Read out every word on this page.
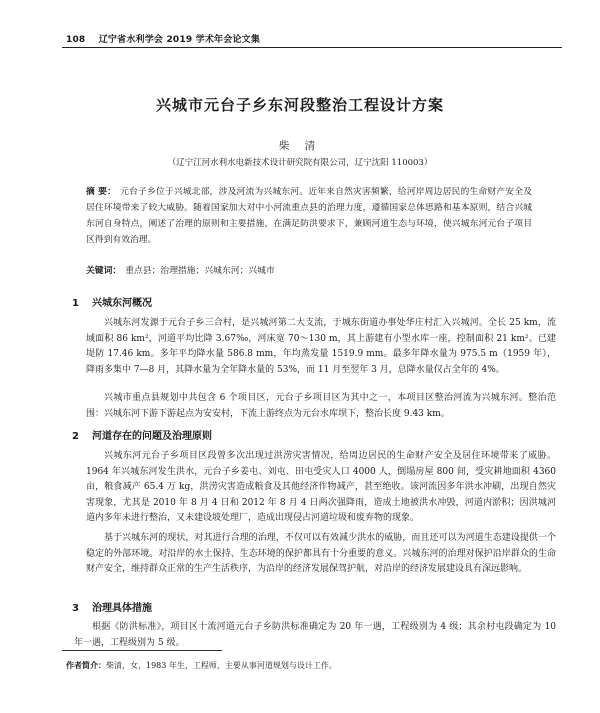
108 辽宁省水利学会 2019 学术年会论文集
兴城市元台子乡东河段整治工程设计方案
柴 清
（辽宁江河水利水电新技术设计研究院有限公司，辽宁沈阳 110003）
摘 要： 元台子乡位于兴城北部，涉及河流为兴城东河。近年来自然灾害频繁，给河岸周边居民的生命财产安全及居住环境带来了较大威胁。随着国家加大对中小河流重点县的治理力度，遵循国家总体思路和基本原则，结合兴城东河自身特点，阐述了治理的原则和主要措施，在满足防洪要求下，兼顾河道生态与环境，使兴城东河元台子项目区得到有效治理。
关键词： 重点县；治理措施；兴城东河；兴城市
1 兴城东河概况
兴城东河发源于元台子乡三合村，是兴城河第二大支流，于城东街道办事处华庄村汇入兴城河。全长 25 km，流域面积 86 km²，河道平均比降 3.67‰，河床宽 70～130 m，其上游建有小型水库一座，控制面积 21 km²。已建堤防 17.46 km。多年平均降水量 586.8 mm，年均蒸发量 1519.9 mm。最多年降水量为 975.5 m（1959 年），降雨多集中 7—8 月，其降水量为全年降水量的 53%，而 11 月至翌年 3 月，总降水量仅占全年的 4%。
兴城市重点县规划中共包含 6 个项目区，元台子乡项目区为其中之一，本项目区整治河流为兴城东河。整治范围：兴城东河下游下游起点为安安村，下流上游终点为元台水库坝下，整治长度 9.43 km。
2 河道存在的问题及治理原则
兴城东河元台子乡项目区段曾多次出现过洪涝灾害情况，给周边居民的生命财产安全及居住环境带来了威胁。1964 年兴城东河发生洪水，元台子乡姜屯、刘屯、田屯受灾人口 4000 人，倒塌房屋 800 间，受灾耕地面积 4360 亩，粮食减产 65.4 万 kg，洪涝灾害造成粮食及其他经济作物减产，甚至绝收。该河流因多年洪水冲刷，出现自然灾害现象，尤其是 2010 年 8 月 4 日和 2012 年 8 月 4 日两次强降雨，造成土地被洪水冲毁，河道内淤积；因洪城河道内多年未进行整治，又未建设坡处理厂，造成出现侵占河道垃圾和废弃物的现象。
基于兴城东河的现状，对其进行合理的治理，不仅可以有效减少洪水的威胁，而且还可以为河道生态建设提供一个稳定的外部环境。对沿岸的水土保持、生态环境的保护都具有十分重要的意义。兴城东河的治理对保护沿岸群众的生命财产安全，维持群众正常的生产生活秩序，为沿岸的经济发展保驾护航，对沿岸的经济发展建设具有深远影响。
3 治理具体措施
根据《防洪标准》，项目区十流河道元台子乡防洪标准确定为 20 年一遇，工程级别为 4 级；其余村屯段确定为 10 年一遇，工程级别为 5 级。
作者简介：柴清，女，1983 年生，工程师，主要从事河道规划与设计工作。
